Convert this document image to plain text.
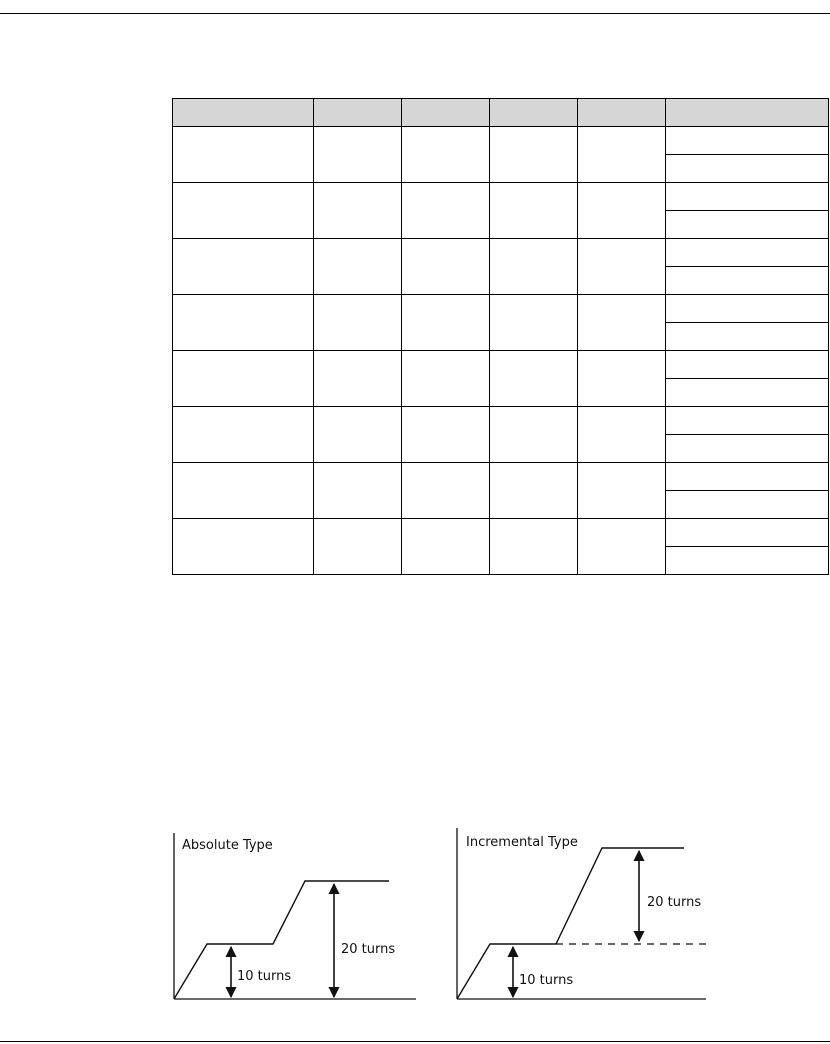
Absolute Type
10 turns
20 turns
Incremental Type
10 turns
20 turns
